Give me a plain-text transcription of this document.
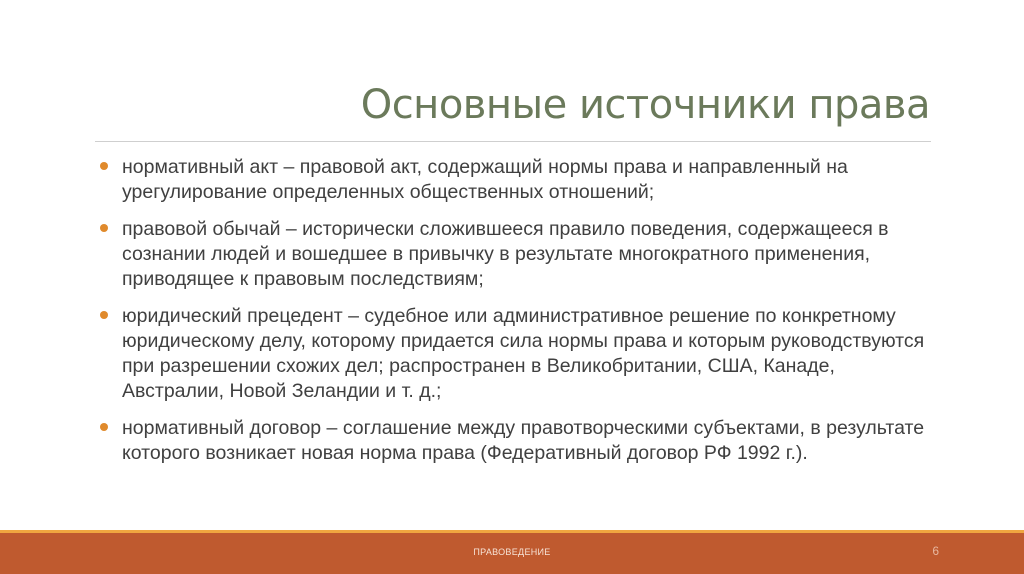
Основные источники права
нормативный акт – правовой акт, содержащий нормы права и направленный на урегулирование определенных общественных отношений;
правовой обычай – исторически сложившееся правило поведения, содержащееся в сознании людей и вошедшее в привычку в результате многократного применения, приводящее к правовым последствиям;
юридический прецедент – судебное или административное решение по конкретному юридическому делу, которому придается сила нормы права и которым руководствуются при разрешении схожих дел; распространен в Великобритании, США, Канаде, Австралии, Новой Зеландии и т. д.;
нормативный договор – соглашение между правотворческими субъектами, в результате которого возникает новая норма права (Федеративный договор РФ 1992 г.).
ПРАВОВЕДЕНИЕ	6
